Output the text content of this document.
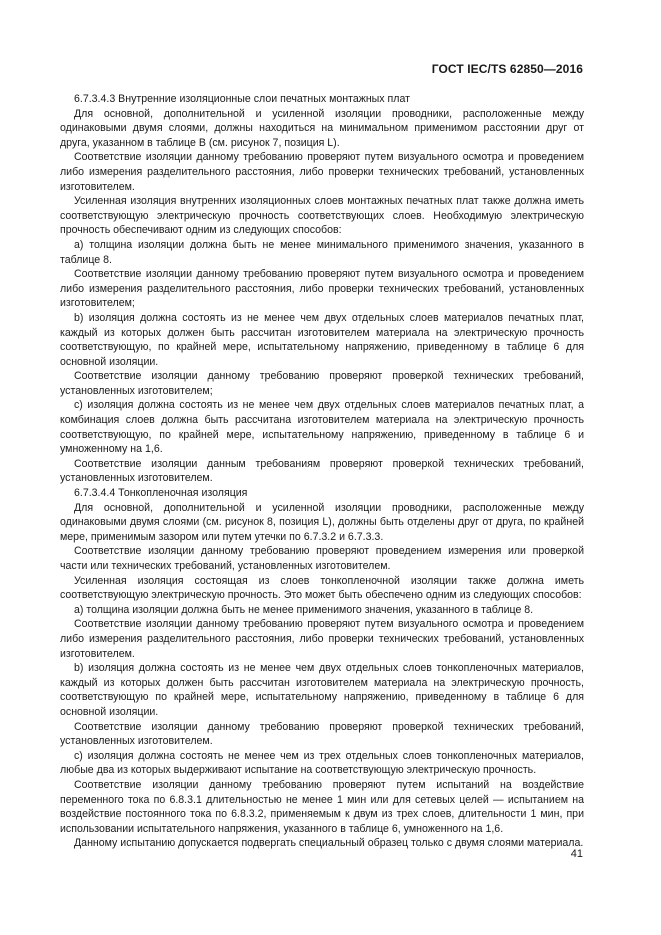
ГОСТ IEC/TS 62850—2016

6.7.3.4.3 Внутренние изоляционные слои печатных монтажных плат

Для основной, дополнительной и усиленной изоляции проводники, расположенные между одинаковыми двумя слоями, должны находиться на минимальном применимом расстоянии друг от друга, указанном в таблице В (см. рисунок 7, позиция L).

Соответствие изоляции данному требованию проверяют путем визуального осмотра и проведением либо измерения разделительного расстояния, либо проверки технических требований, установленных изготовителем.

Усиленная изоляция внутренних изоляционных слоев монтажных печатных плат также должна иметь соответствующую электрическую прочность соответствующих слоев. Необходимую электрическую прочность обеспечивают одним из следующих способов:

а) толщина изоляции должна быть не менее минимального применимого значения, указанного в таблице 8.

Соответствие изоляции данному требованию проверяют путем визуального осмотра и проведением либо измерения разделительного расстояния, либо проверки технических требований, установленных изготовителем;

b) изоляция должна состоять из не менее чем двух отдельных слоев материалов печатных плат, каждый из которых должен быть рассчитан изготовителем материала на электрическую прочность соответствующую, по крайней мере, испытательному напряжению, приведенному в таблице 6 для основной изоляции.

Соответствие изоляции данному требованию проверяют проверкой технических требований, установленных изготовителем;

с) изоляция должна состоять из не менее чем двух отдельных слоев материалов печатных плат, а комбинация слоев должна быть рассчитана изготовителем материала на электрическую прочность соответствующую, по крайней мере, испытательному напряжению, приведенному в таблице 6 и умноженному на 1,6.

Соответствие изоляции данным требованиям проверяют проверкой технических требований, установленных изготовителем.

6.7.3.4.4 Тонкопленочная изоляция

Для основной, дополнительной и усиленной изоляции проводники, расположенные между одинаковыми двумя слоями (см. рисунок 8, позиция L), должны быть отделены друг от друга, по крайней мере, применимым зазором или путем утечки по 6.7.3.2 и 6.7.3.3.

Соответствие изоляции данному требованию проверяют проведением измерения или проверкой части или технических требований, установленных изготовителем.

Усиленная изоляция состоящая из слоев тонкопленочной изоляции также должна иметь соответствующую электрическую прочность. Это может быть обеспечено одним из следующих способов:

а) толщина изоляции должна быть не менее применимого значения, указанного в таблице 8.

Соответствие изоляции данному требованию проверяют путем визуального осмотра и проведением либо измерения разделительного расстояния, либо проверки технических требований, установленных изготовителем.

b) изоляция должна состоять из не менее чем двух отдельных слоев тонкопленочных материалов, каждый из которых должен быть рассчитан изготовителем материала на электрическую прочность, соответствующую по крайней мере, испытательному напряжению, приведенному в таблице 6 для основной изоляции.

Соответствие изоляции данному требованию проверяют проверкой технических требований, установленных изготовителем.

с) изоляция должна состоять не менее чем из трех отдельных слоев тонкопленочных материалов, любые два из которых выдерживают испытание на соответствующую электрическую прочность.

Соответствие изоляции данному требованию проверяют путем испытаний на воздействие переменного тока по 6.8.3.1 длительностью не менее 1 мин или для сетевых целей — испытанием на воздействие постоянного тока по 6.8.3.2, применяемым к двум из трех слоев, длительности 1 мин, при использовании испытательного напряжения, указанного в таблице 6, умноженного на 1,6.

Данному испытанию допускается подвергать специальный образец только с двумя слоями материала.

41
